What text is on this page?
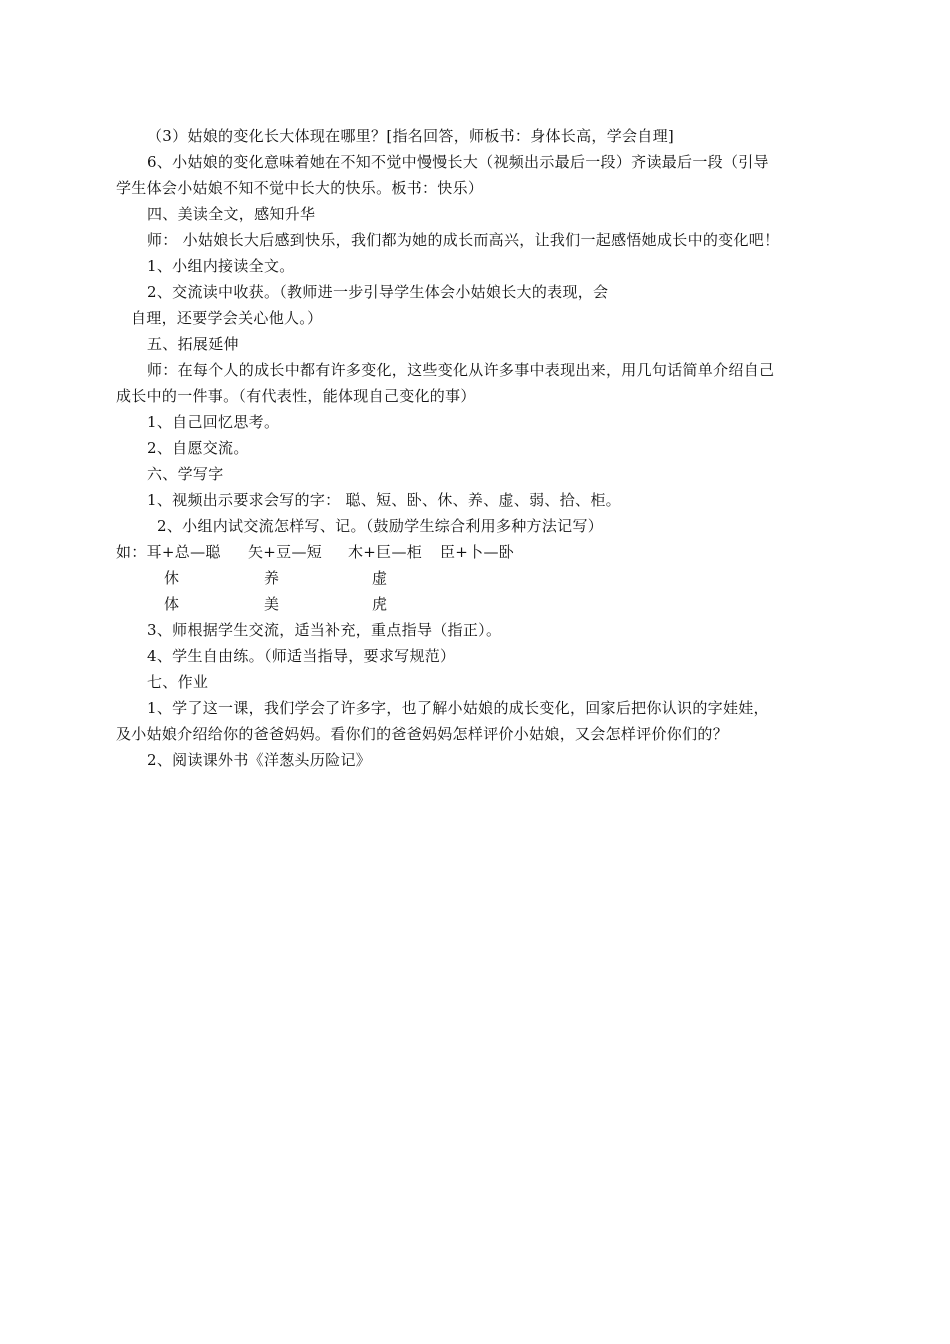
（3）姑娘的变化长大体现在哪里？[指名回答，师板书：身体长高，学会自理]
6、小姑娘的变化意味着她在不知不觉中慢慢长大（视频出示最后一段）齐读最后一段（引导
学生体会小姑娘不知不觉中长大的快乐。板书：快乐）
四、美读全文，感知升华
师： 小姑娘长大后感到快乐，我们都为她的成长而高兴，让我们一起感悟她成长中的变化吧！
1、小组内接读全文。
2、交流读中收获。（教师进一步引导学生体会小姑娘长大的表现，会
自理，还要学会关心他人。）
五、拓展延伸
师：在每个人的成长中都有许多变化，这些变化从许多事中表现出来，用几句话简单介绍自己
成长中的一件事。（有代表性，能体现自己变化的事）
1、自己回忆思考。
2、自愿交流。
六、学写字
1、视频出示要求会写的字： 聪、短、卧、休、养、虚、弱、拾、柜。
2、小组内试交流怎样写、记。（鼓励学生综合利用多种方法记写）
如：耳+总—聪 矢+豆—短 木+巨—柜 臣+卜—卧
休	养	虚
体	美	虎
3、师根据学生交流，适当补充，重点指导（指正）。
4、学生自由练。（师适当指导，要求写规范）
七、作业
1、学了这一课，我们学会了许多字，也了解小姑娘的成长变化，回家后把你认识的字娃娃，
及小姑娘介绍给你的爸爸妈妈。看你们的爸爸妈妈怎样评价小姑娘，又会怎样评价你们的？
2、阅读课外书《洋葱头历险记》
